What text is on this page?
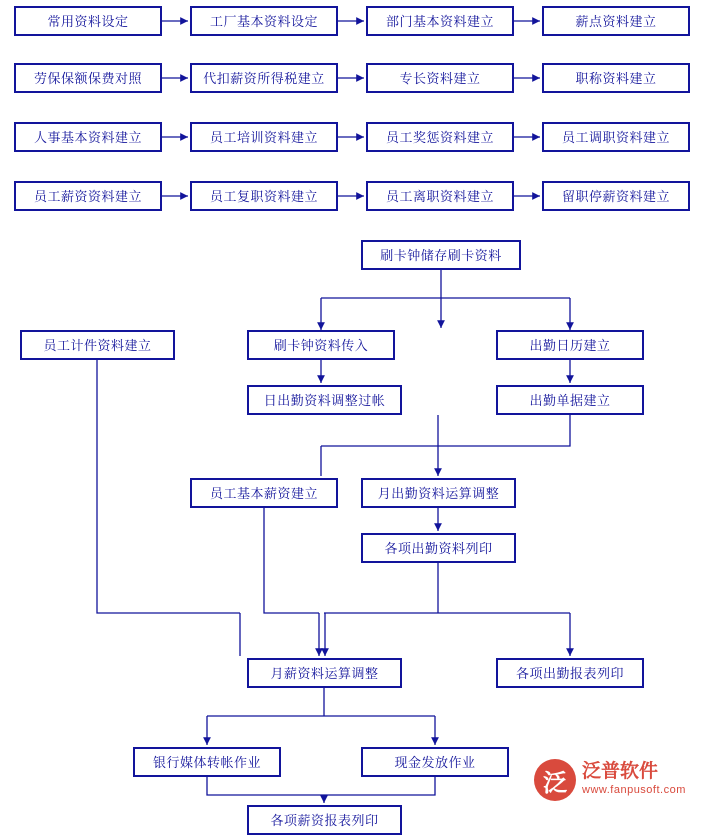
常用资料设定	工厂基本资料设定	部门基本资料建立	薪点资料建立
劳保保额保费对照	代扣薪资所得税建立	专长资料建立	职称资料建立
人事基本资料建立	员工培训资料建立	员工奖惩资料建立	员工调职资料建立
员工薪资资料建立	员工复职资料建立	员工离职资料建立	留职停薪资料建立
刷卡钟储存刷卡资料
员工计件资料建立	刷卡钟资料传入	出勤日历建立
日出勤资料调整过帐	出勤单据建立
员工基本薪资建立	月出勤资料运算调整
各项出勤资料列印
月薪资料运算调整	各项出勤报表列印
银行媒体转帐作业	现金发放作业
各项薪资报表列印
泛 泛普软件
www.fanpusoft.com
